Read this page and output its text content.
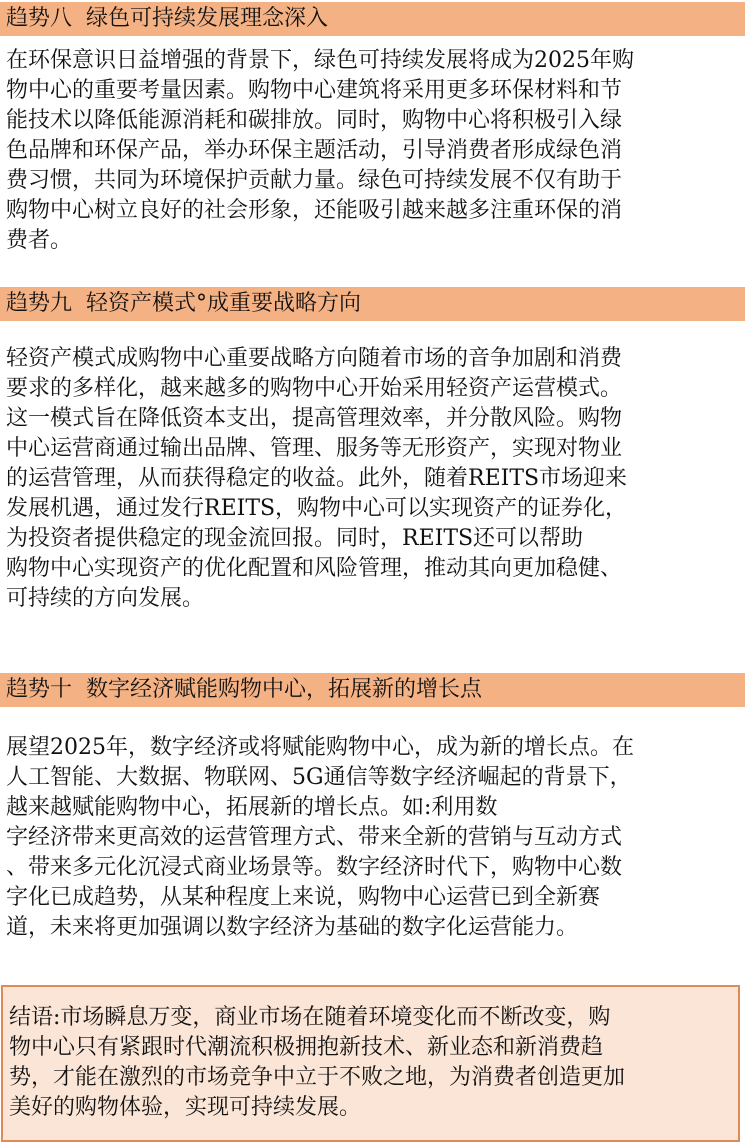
趋势八  绿色可持续发展理念深入
在环保意识日益增强的背景下，绿色可持续发展将成为2025年购
物中心的重要考量因素。购物中心建筑将采用更多环保材料和节
能技术以降低能源消耗和碳排放。同时，购物中心将积极引入绿
色品牌和环保产品，举办环保主题活动，引导消费者形成绿色消
费习惯，共同为环境保护贡献力量。绿色可持续发展不仅有助于
购物中心树立良好的社会形象，还能吸引越来越多注重环保的消
费者。
趋势九  轻资产模式°成重要战略方向
轻资产模式成购物中心重要战略方向随着市场的音争加剧和消费
要求的多样化，越来越多的购物中心开始采用轻资产运营模式。
这一模式旨在降低资本支出，提高管理效率，并分散风险。购物
中心运营商通过输出品牌、管理、服务等无形资产，实现对物业
的运营管理，从而获得稳定的收益。此外，随着REITS市场迎来
发展机遇，通过发行REITS，购物中心可以实现资产的证券化，
为投资者提供稳定的现金流回报。同时，REITS还可以帮助
购物中心实现资产的优化配置和风险管理，推动其向更加稳健、
可持续的方向发展。
趋势十  数字经济赋能购物中心，拓展新的增长点
展望2025年，数字经济或将赋能购物中心，成为新的增长点。在
人工智能、大数据、物联网、5G通信等数字经济崛起的背景下，
越来越赋能购物中心，拓展新的增长点。如:利用数
字经济带来更高效的运营管理方式、带来全新的营销与互动方式
、带来多元化沉浸式商业场景等。数字经济时代下，购物中心数
字化已成趋势，从某种程度上来说，购物中心运营已到全新赛
道，未来将更加强调以数字经济为基础的数字化运营能力。
结语:市场瞬息万变，商业市场在随着环境变化而不断改变，购
物中心只有紧跟时代潮流积极拥抱新技术、新业态和新消费趋
势，才能在激烈的市场竞争中立于不败之地，为消费者创造更加
美好的购物体验，实现可持续发展。
